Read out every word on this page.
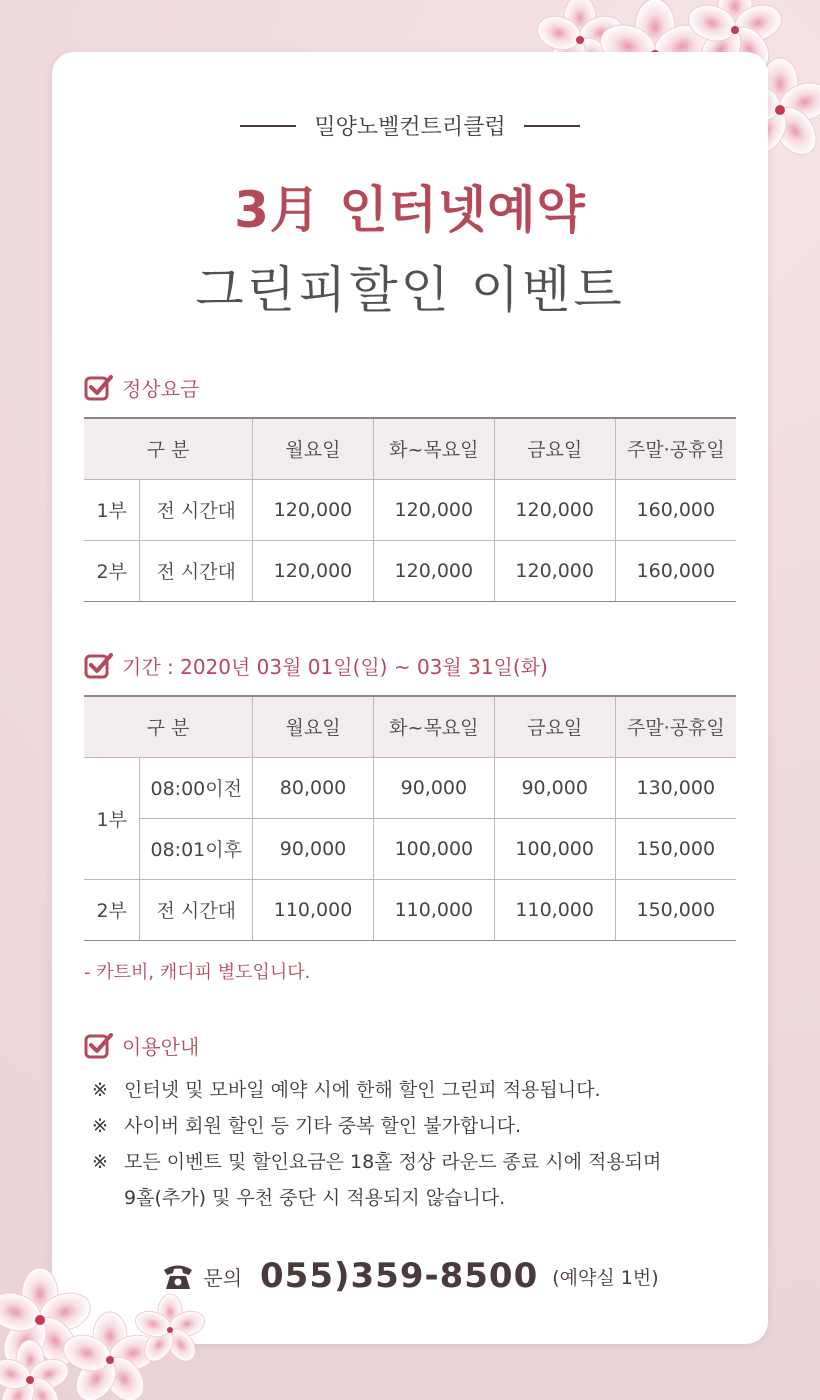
밀양노벨컨트리클럽
3月 인터넷예약
그린피할인 이벤트
정상요금
구 분		월요일	화~목요일	금요일	주말·공휴일
1부	전 시간대	120,000	120,000	120,000	160,000
2부	전 시간대	120,000	120,000	120,000	160,000
기간 : 2020년 03월 01일(일) ~ 03월 31일(화)
구 분		월요일	화~목요일	금요일	주말·공휴일
1부	08:00이전	80,000	90,000	90,000	130,000
	08:01이후	90,000	100,000	100,000	150,000
2부	전 시간대	110,000	110,000	110,000	150,000
- 카트비, 캐디피 별도입니다.
이용안내
※ 인터넷 및 모바일 예약 시에 한해 할인 그린피 적용됩니다.
※ 사이버 회원 할인 등 기타 중복 할인 불가합니다.
※ 모든 이벤트 및 할인요금은 18홀 정상 라운드 종료 시에 적용되며
9홀(추가) 및 우천 중단 시 적용되지 않습니다.
문의 055)359-8500 (예약실 1번)
